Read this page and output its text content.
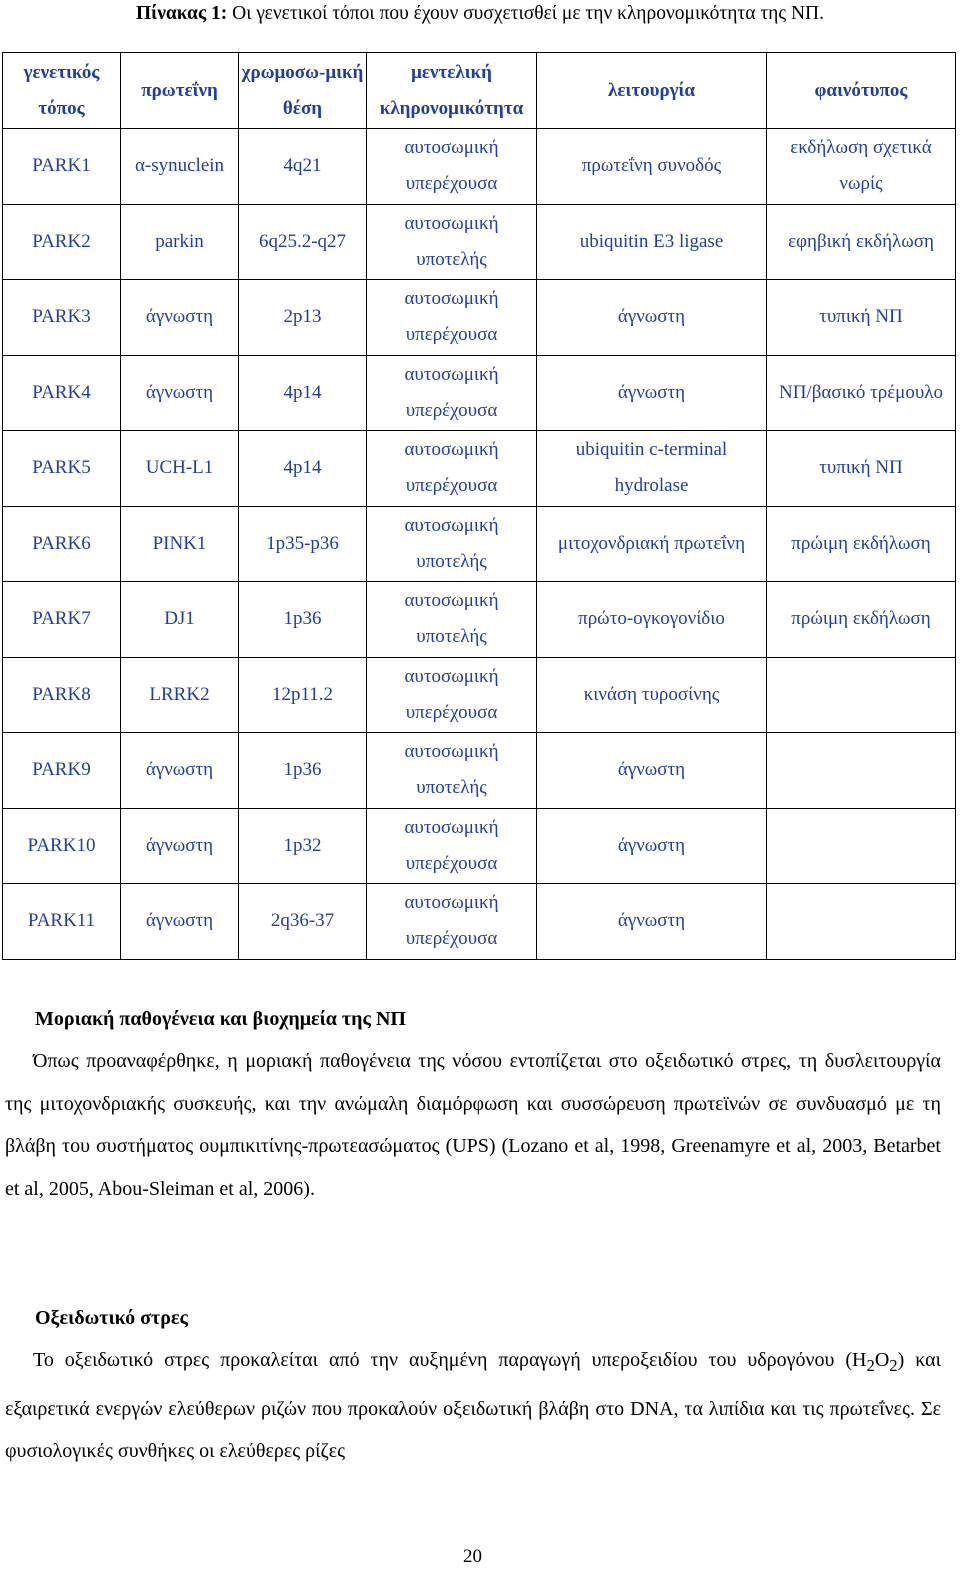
Πίνακας 1: Οι γενετικοί τόποι που έχουν συσχετισθεί με την κληρονομικότητα της ΝΠ.
γενετικός τόπος	πρωτεΐνη	χρωμοσω-μική θέση	μεντελική κληρονομικότητα	λειτουργία	φαινότυπος
PARK1	α-synuclein	4q21	αυτοσωμική υπερέχουσα	πρωτεΐνη συνοδός	εκδήλωση σχετικά νωρίς
PARK2	parkin	6q25.2-q27	αυτοσωμική υποτελής	ubiquitin E3 ligase	εφηβική εκδήλωση
PARK3	άγνωστη	2p13	αυτοσωμική υπερέχουσα	άγνωστη	τυπική ΝΠ
PARK4	άγνωστη	4p14	αυτοσωμική υπερέχουσα	άγνωστη	ΝΠ/βασικό τρέμουλο
PARK5	UCH-L1	4p14	αυτοσωμική υπερέχουσα	ubiquitin c-terminal hydrolase	τυπική ΝΠ
PARK6	PINK1	1p35-p36	αυτοσωμική υποτελής	μιτοχονδριακή πρωτεΐνη	πρώιμη εκδήλωση
PARK7	DJ1	1p36	αυτοσωμική υποτελής	πρώτο-ογκογονίδιο	πρώιμη εκδήλωση
PARK8	LRRK2	12p11.2	αυτοσωμική υπερέχουσα	κινάση τυροσίνης	
PARK9	άγνωστη	1p36	αυτοσωμική υποτελής	άγνωστη	
PARK10	άγνωστη	1p32	αυτοσωμική υπερέχουσα	άγνωστη	
PARK11	άγνωστη	2q36-37	αυτοσωμική υπερέχουσα	άγνωστη	
Μοριακή παθογένεια και βιοχημεία της ΝΠ
Όπως προαναφέρθηκε, η μοριακή παθογένεια της νόσου εντοπίζεται στο οξειδωτικό στρες, τη δυσλειτουργία της μιτοχονδριακής συσκευής, και την ανώμαλη διαμόρφωση και συσσώρευση πρωτεϊνών σε συνδυασμό με τη βλάβη του συστήματος ουμπικιτίνης-πρωτεασώματος (UPS) (Lozano et al, 1998, Greenamyre et al, 2003, Betarbet et al, 2005, Abou-Sleiman et al, 2006).
Οξειδωτικό στρες
Το οξειδωτικό στρες προκαλείται από την αυξημένη παραγωγή υπεροξειδίου του υδρογόνου $(H_2O_2)$ και εξαιρετικά ενεργών ελεύθερων ριζών που προκαλούν οξειδωτική βλάβη στο DNA, τα λιπίδια και τις πρωτεΐνες. Σε φυσιολογικές συνθήκες οι ελεύθερες ρίζες
20
